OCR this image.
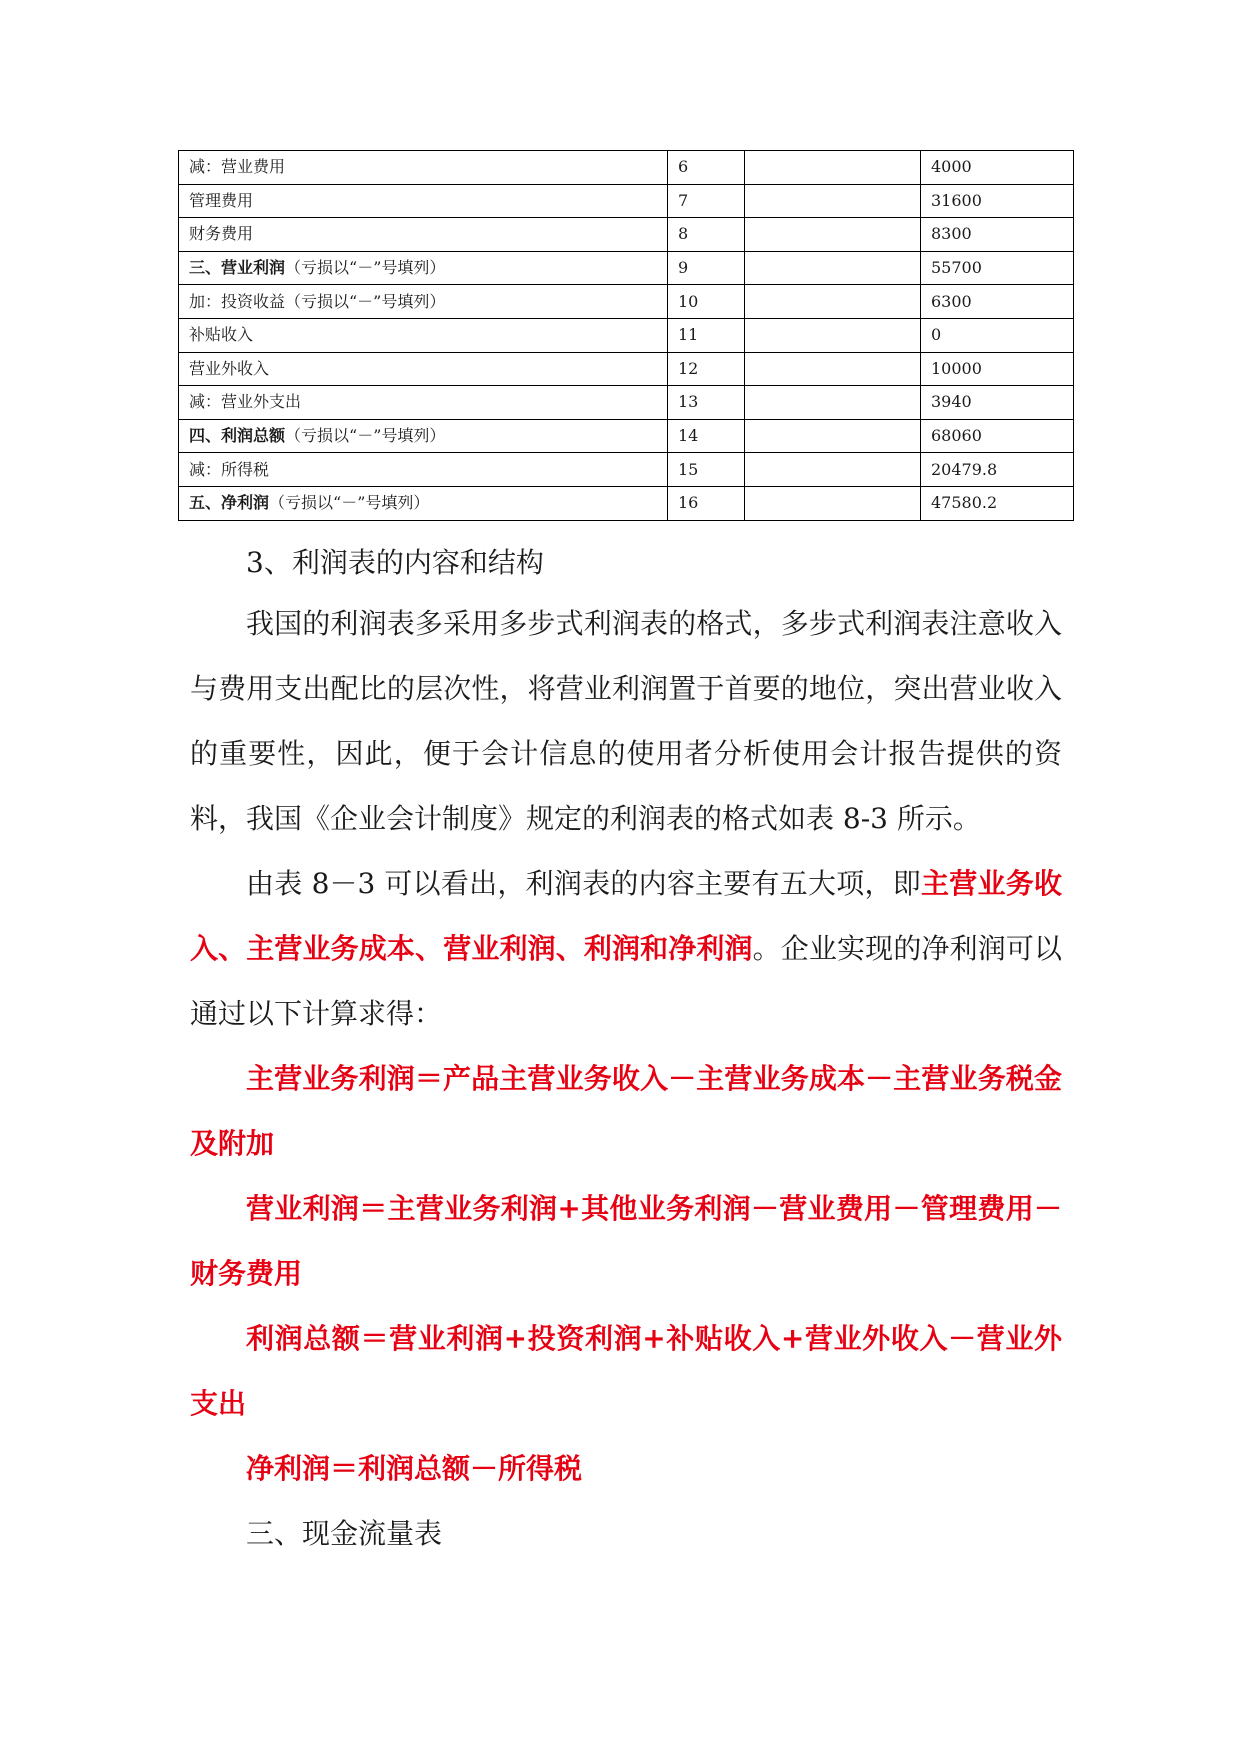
减：营业费用	6		4000
管理费用	7		31600
财务费用	8		8300
三、营业利润（亏损以“－”号填列）	9		55700
加：投资收益（亏损以“－”号填列）	10		6300
补贴收入	11		0
营业外收入	12		10000
减：营业外支出	13		3940
四、利润总额（亏损以“－”号填列）	14		68060
减：所得税	15		20479.8
五、净利润（亏损以“－”号填列）	16		47580.2

3、利润表的内容和结构

我国的利润表多采用多步式利润表的格式，多步式利润表注意收入与费用支出配比的层次性，将营业利润置于首要的地位，突出营业收入的重要性，因此，便于会计信息的使用者分析使用会计报告提供的资料，我国《企业会计制度》规定的利润表的格式如表 8-3 所示。

由表 8－3 可以看出，利润表的内容主要有五大项，即主营业务收入、主营业务成本、营业利润、利润和净利润。企业实现的净利润可以通过以下计算求得：

主营业务利润＝产品主营业务收入－主营业务成本－主营业务税金及附加

营业利润＝主营业务利润+其他业务利润－营业费用－管理费用－财务费用

利润总额＝营业利润+投资利润+补贴收入+营业外收入－营业外支出

净利润＝利润总额－所得税

三、现金流量表
